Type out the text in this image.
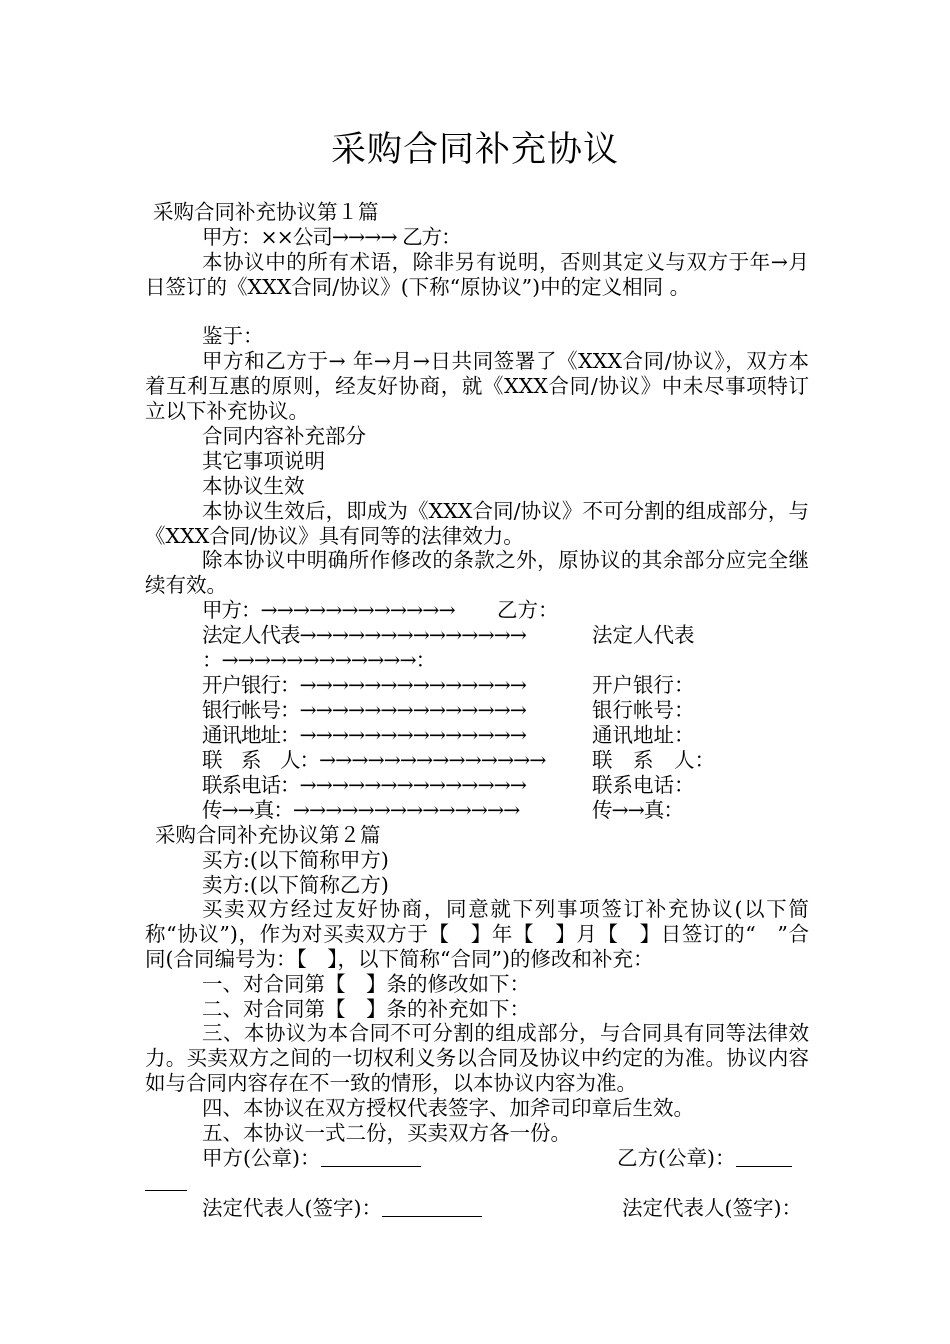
采购合同补充协议
采购合同补充协议第１篇
甲方：××公司→→→→ 乙方：
本协议中的所有术语，除非另有说明，否则其定义与双方于年→月 日签订的《XXX合同/协议》(下称“原协议”)中的定义相同 。
鉴于：
甲方和乙方于→ 年→月→日共同签署了《XXX合同/协议》，双方本着互利互惠的原则，经友好协商，就《XXX合同/协议》中未尽事项特订立以下补充协议。
合同内容补充部分
其它事项说明
本协议生效
本协议生效后，即成为《XXX合同/协议》不可分割的组成部分，与《XXX合同/协议》具有同等的法律效力。
除本协议中明确所作修改的条款之外，原协议的其余部分应完全继续有效。
甲方：→→→→→→→→→→→→ 乙方：
法定人代表→→→→→→→→→→→→→→	法定人代表
：→→→→→→→→→→→→：
开户银行：→→→→→→→→→→→→→→	开户银行：
银行帐号：→→→→→→→→→→→→→→	银行帐号：
通讯地址：→→→→→→→→→→→→→→	通讯地址：
联　系　人：→→→→→→→→→→→→→→ 联　系　人：
联系电话：→→→→→→→→→→→→→→	联系电话：
传→→真：→→→→→→→→→→→→→→	传→→真：
采购合同补充协议第２篇
买方:(以下简称甲方)
卖方:(以下简称乙方)
买卖双方经过友好协商，同意就下列事项签订补充协议(以下简称“协议”)，作为对买卖双方于【　】年【　】月【　】日签订的“　”合同(合同编号为：【　】，以下简称“合同”)的修改和补充：
一、对合同第【　】条的修改如下：
二、对合同第【　】条的补充如下：
三、本协议为本合同不可分割的组成部分，与合同具有同等法律效力。买卖双方之间的一切权利义务以合同及协议中约定的为准。协议内容如与合同内容存在不一致的情形，以本协议内容为准。
四、本协议在双方授权代表签字、加斧司印章后生效。
五、本协议一式二份，买卖双方各一份。
甲方(公章)：	乙方(公章)：
法定代表人(签字)：	法定代表人(签字)：
